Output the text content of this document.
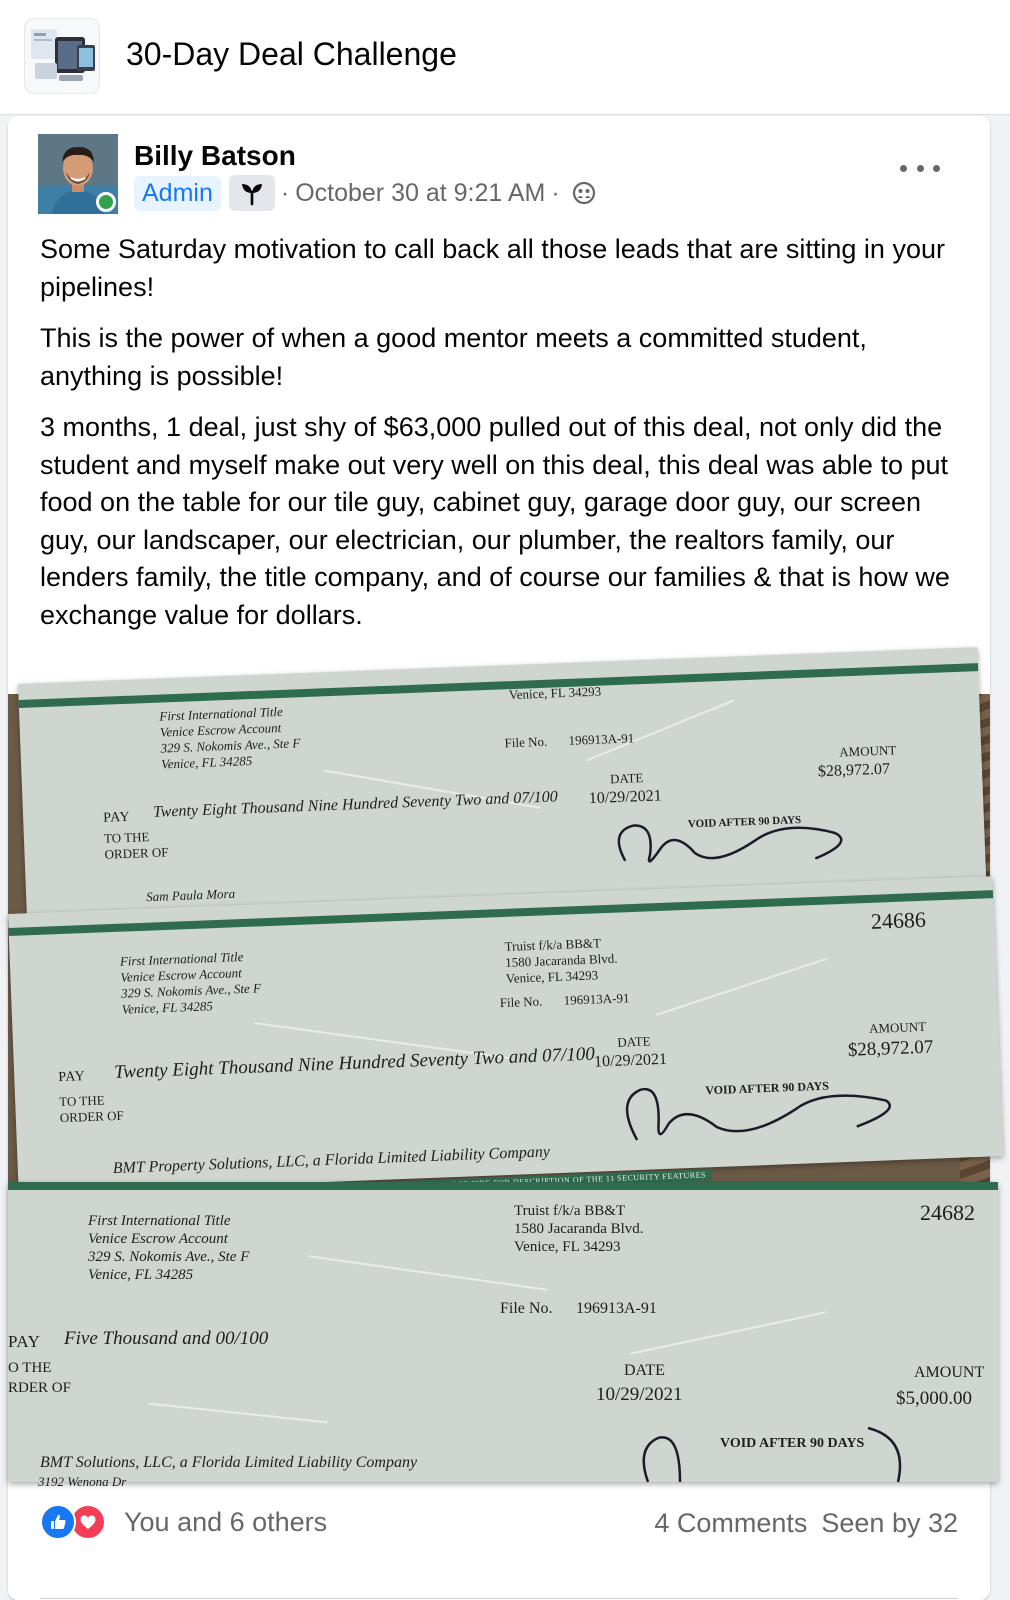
30-Day Deal Challenge
Billy Batson
Admin	· October 30 at 9:21 AM ·

Some Saturday motivation to call back all those leads that are sitting in your pipelines!

This is the power of when a good mentor meets a committed student, anything is possible!

3 months, 1 deal, just shy of $63,000 pulled out of this deal, not only did the student and myself make out very well on this deal, this deal was able to put food on the table for our tile guy, cabinet guy, garage door guy, our screen guy, our landscaper, our electrician, our plumber, the realtors family, our lenders family, the title company, and of course our families & that is how we exchange value for dollars.

First International Title
Venice Escrow Account
329 S. Nokomis Ave., Ste F
Venice, FL 34285
Venice, FL 34293
File No. 196913A-91
PAY Twenty Eight Thousand Nine Hundred Seventy Two and 07/100
TO THE
ORDER OF
DATE
10/29/2021
AMOUNT
$28,972.07
VOID AFTER 90 DAYS
Sam Paula Mora
24686
First International Title
Venice Escrow Account
329 S. Nokomis Ave., Ste F
Venice, FL 34285
Truist f/k/a BB&T
1580 Jacaranda Blvd.
Venice, FL 34293
File No. 196913A-91
PAY Twenty Eight Thousand Nine Hundred Seventy Two and 07/100
TO THE
ORDER OF
DATE
10/29/2021
AMOUNT
$28,972.07
VOID AFTER 90 DAYS
BMT Property Solutions, LLC, a Florida Limited Liability Company
24682
First International Title
Venice Escrow Account
329 S. Nokomis Ave., Ste F
Venice, FL 34285
Truist f/k/a BB&T
1580 Jacaranda Blvd.
Venice, FL 34293
File No. 196913A-91
PAY Five Thousand and 00/100
O THE
RDER OF
DATE
10/29/2021
AMOUNT
$5,000.00
VOID AFTER 90 DAYS
BMT Solutions, LLC, a Florida Limited Liability Company
3192 Wenona Dr
You and 6 others	4 Comments Seen by 32
